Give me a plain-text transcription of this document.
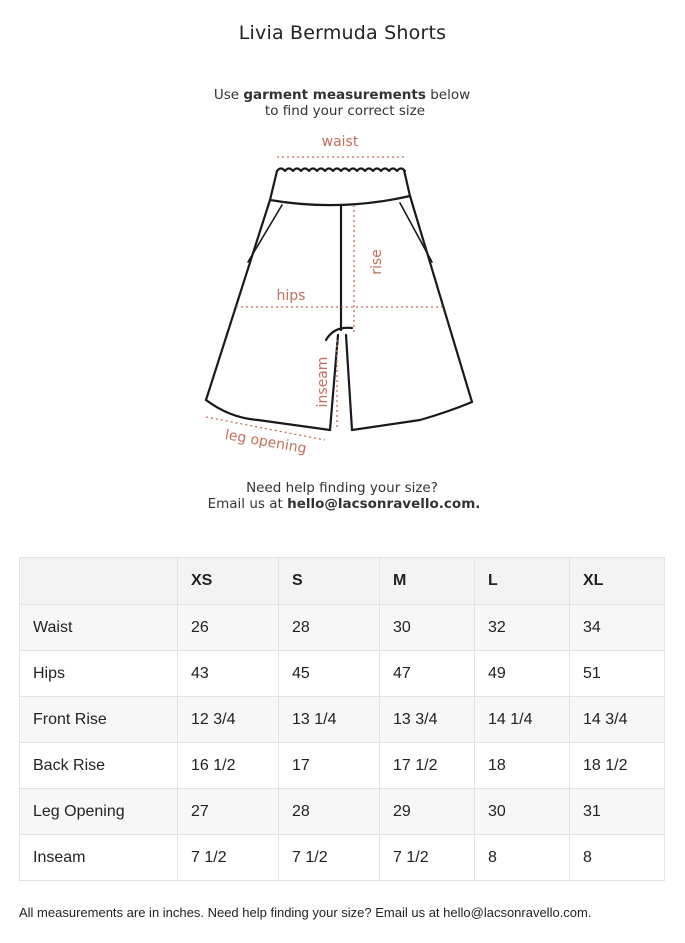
Livia Bermuda Shorts
Use garment measurements below
to find your correct size
waist
rise
hips
inseam
leg opening
Need help finding your size?
Email us at hello@lacsonravello.com.
	XS	S	M	L	XL
Waist	26	28	30	32	34
Hips	43	45	47	49	51
Front Rise	12 3/4	13 1/4	13 3/4	14 1/4	14 3/4
Back Rise	16 1/2	17	17 1/2	18	18 1/2
Leg Opening	27	28	29	30	31
Inseam	7 1/2	7 1/2	7 1/2	8	8
All measurements are in inches. Need help finding your size? Email us at hello@lacsonravello.com.
